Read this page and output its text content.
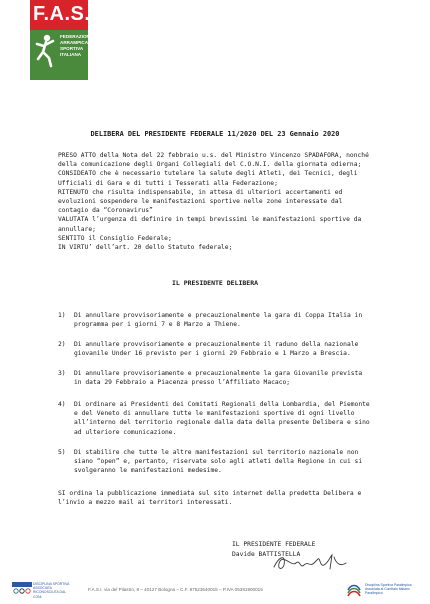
F.A.S.I.
FEDERAZIONE
ARRAMPICATA
SPORTIVA
ITALIANA
DELIBERA DEL PRESIDENTE FEDERALE 11/2020 DEL 23 Gennaio 2020
PRESO ATTO della Nota del 22 febbraio u.s. del Ministro Vincenzo SPADAFORA, nonché
della comunicazione degli Organi Collegiali del C.O.N.I. della giornata odierna;
CONSIDEATO che è necessario tutelare la salute degli Atleti, dei Tecnici, degli
Ufficiali di Gara e di tutti i Tesserati alla Federazione;
RITENUTO che risulta indispensabile, in attesa di ulteriori accertamenti ed
evoluzioni sospendere le manifestazioni sportive nelle zone interessate dal
contagio da “Coronavirus”
VALUTATA l’urgenza di definire in tempi brevissimi le manifestazioni sportive da
annullare;
SENTITO il Consiglio Federale;
IN VIRTU’ dell’art. 20 dello Statuto federale;
IL PRESIDENTE DELIBERA
1) Di annullare provvisoriamente e precauzionalmente la gara di Coppa Italia in
programma per i giorni 7 e 8 Marzo a Thiene.
2) Di annullare provvisoriamente e precauzionalmente il raduno della nazionale
giovanile Under 16 previsto per i giorni 29 Febbraio e 1 Marzo a Brescia.
3) Di annullare provvisoriamente e precauzionalmente la gara Giovanile prevista
in data 29 Febbraio a Piacenza presso l’Affiliato Macaco;
4) Di ordinare ai Presidenti dei Comitati Regionali della Lombardia, del Piemonte
e del Veneto di annullare tutte le manifestazioni sportive di ogni livello
all’interno del territorio regionale dalla data della presente Delibera e sino
ad ulteriore comunicazione.
5) Di stabilire che tutte le altre manifestazioni sul territorio nazionale non
siano “open” e, pertanto, riservate solo agli atleti della Regione in cui si
svolgeranno le manifestazioni medesime.
SI ordina la pubblicazione immediata sul sito internet della predetta Delibera e
l’invio a mezzo mail ai territori interessati.
IL PRESIDENTE FEDERALE
Davide BATTISTELLA
DISCIPLINA SPORTIVA ASSOCIATA RICONOSCIUTA DAL CONI
F.A.S.I. via del Pilastro, 8 – 40127 Bologna – C.F. 97523640015 – P.IVA 05391900015
Disciplina Sportiva Paralimpica Associata al Comitato Italiano Paralimpico
